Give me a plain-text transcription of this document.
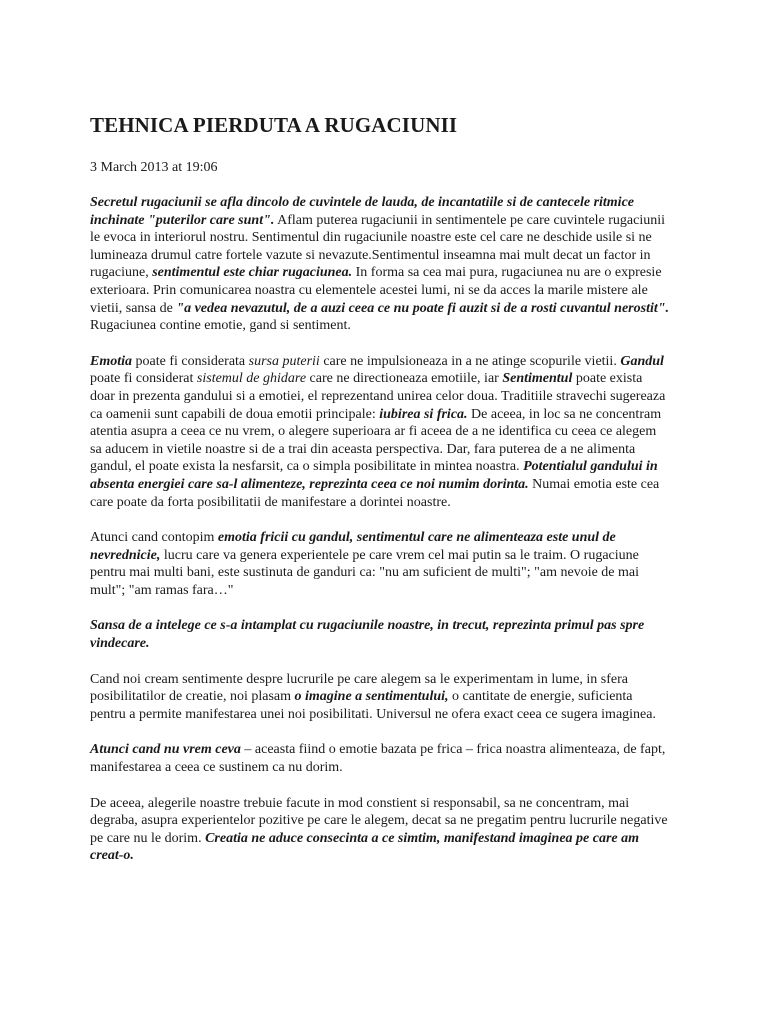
TEHNICA PIERDUTA A RUGACIUNII
3 March 2013 at 19:06

Secretul rugaciunii se afla dincolo de cuvintele de lauda, de incantatiile si de cantecele ritmice inchinate "puterilor care sunt". Aflam puterea rugaciunii in sentimentele pe care cuvintele rugaciunii le evoca in interiorul nostru. Sentimentul din rugaciunile noastre este cel care ne deschide usile si ne lumineaza drumul catre fortele vazute si nevazute.Sentimentul inseamna mai mult decat un factor in rugaciune, sentimentul este chiar rugaciunea. In forma sa cea mai pura, rugaciunea nu are o expresie exterioara. Prin comunicarea noastra cu elementele acestei lumi, ni se da acces la marile mistere ale vietii, sansa de "a vedea nevazutul, de a auzi ceea ce nu poate fi auzit si de a rosti cuvantul nerostit". Rugaciunea contine emotie, gand si sentiment.

Emotia poate fi considerata sursa puterii care ne impulsioneaza in a ne atinge scopurile vietii. Gandul poate fi considerat sistemul de ghidare care ne directioneaza emotiile, iar Sentimentul poate exista doar in prezenta gandului si a emotiei, el reprezentand unirea celor doua. Traditiile stravechi sugereaza ca oamenii sunt capabili de doua emotii principale: iubirea si frica. De aceea, in loc sa ne concentram atentia asupra a ceea ce nu vrem, o alegere superioara ar fi aceea de a ne identifica cu ceea ce alegem sa aducem in vietile noastre si de a trai din aceasta perspectiva. Dar, fara puterea de a ne alimenta gandul, el poate exista la nesfarsit, ca o simpla posibilitate in mintea noastra. Potentialul gandului in absenta energiei care sa-l alimenteze, reprezinta ceea ce noi numim dorinta. Numai emotia este cea care poate da forta posibilitatii de manifestare a dorintei noastre.

Atunci cand contopim emotia fricii cu gandul, sentimentul care ne alimenteaza este unul de nevrednicie, lucru care va genera experientele pe care vrem cel mai putin sa le traim. O rugaciune pentru mai multi bani, este sustinuta de ganduri ca: "nu am suficient de multi"; "am nevoie de mai mult"; "am ramas fara…"

Sansa de a intelege ce s-a intamplat cu rugaciunile noastre, in trecut, reprezinta primul pas spre vindecare.

Cand noi cream sentimente despre lucrurile pe care alegem sa le experimentam in lume, in sfera posibilitatilor de creatie, noi plasam o imagine a sentimentului, o cantitate de energie, suficienta pentru a permite manifestarea unei noi posibilitati. Universul ne ofera exact ceea ce sugera imaginea.

Atunci cand nu vrem ceva – aceasta fiind o emotie bazata pe frica – frica noastra alimenteaza, de fapt, manifestarea a ceea ce sustinem ca nu dorim.

De aceea, alegerile noastre trebuie facute in mod constient si responsabil, sa ne concentram, mai degraba, asupra experientelor pozitive pe care le alegem, decat sa ne pregatim pentru lucrurile negative pe care nu le dorim. Creatia ne aduce consecinta a ce simtim, manifestand imaginea pe care am creat-o.
